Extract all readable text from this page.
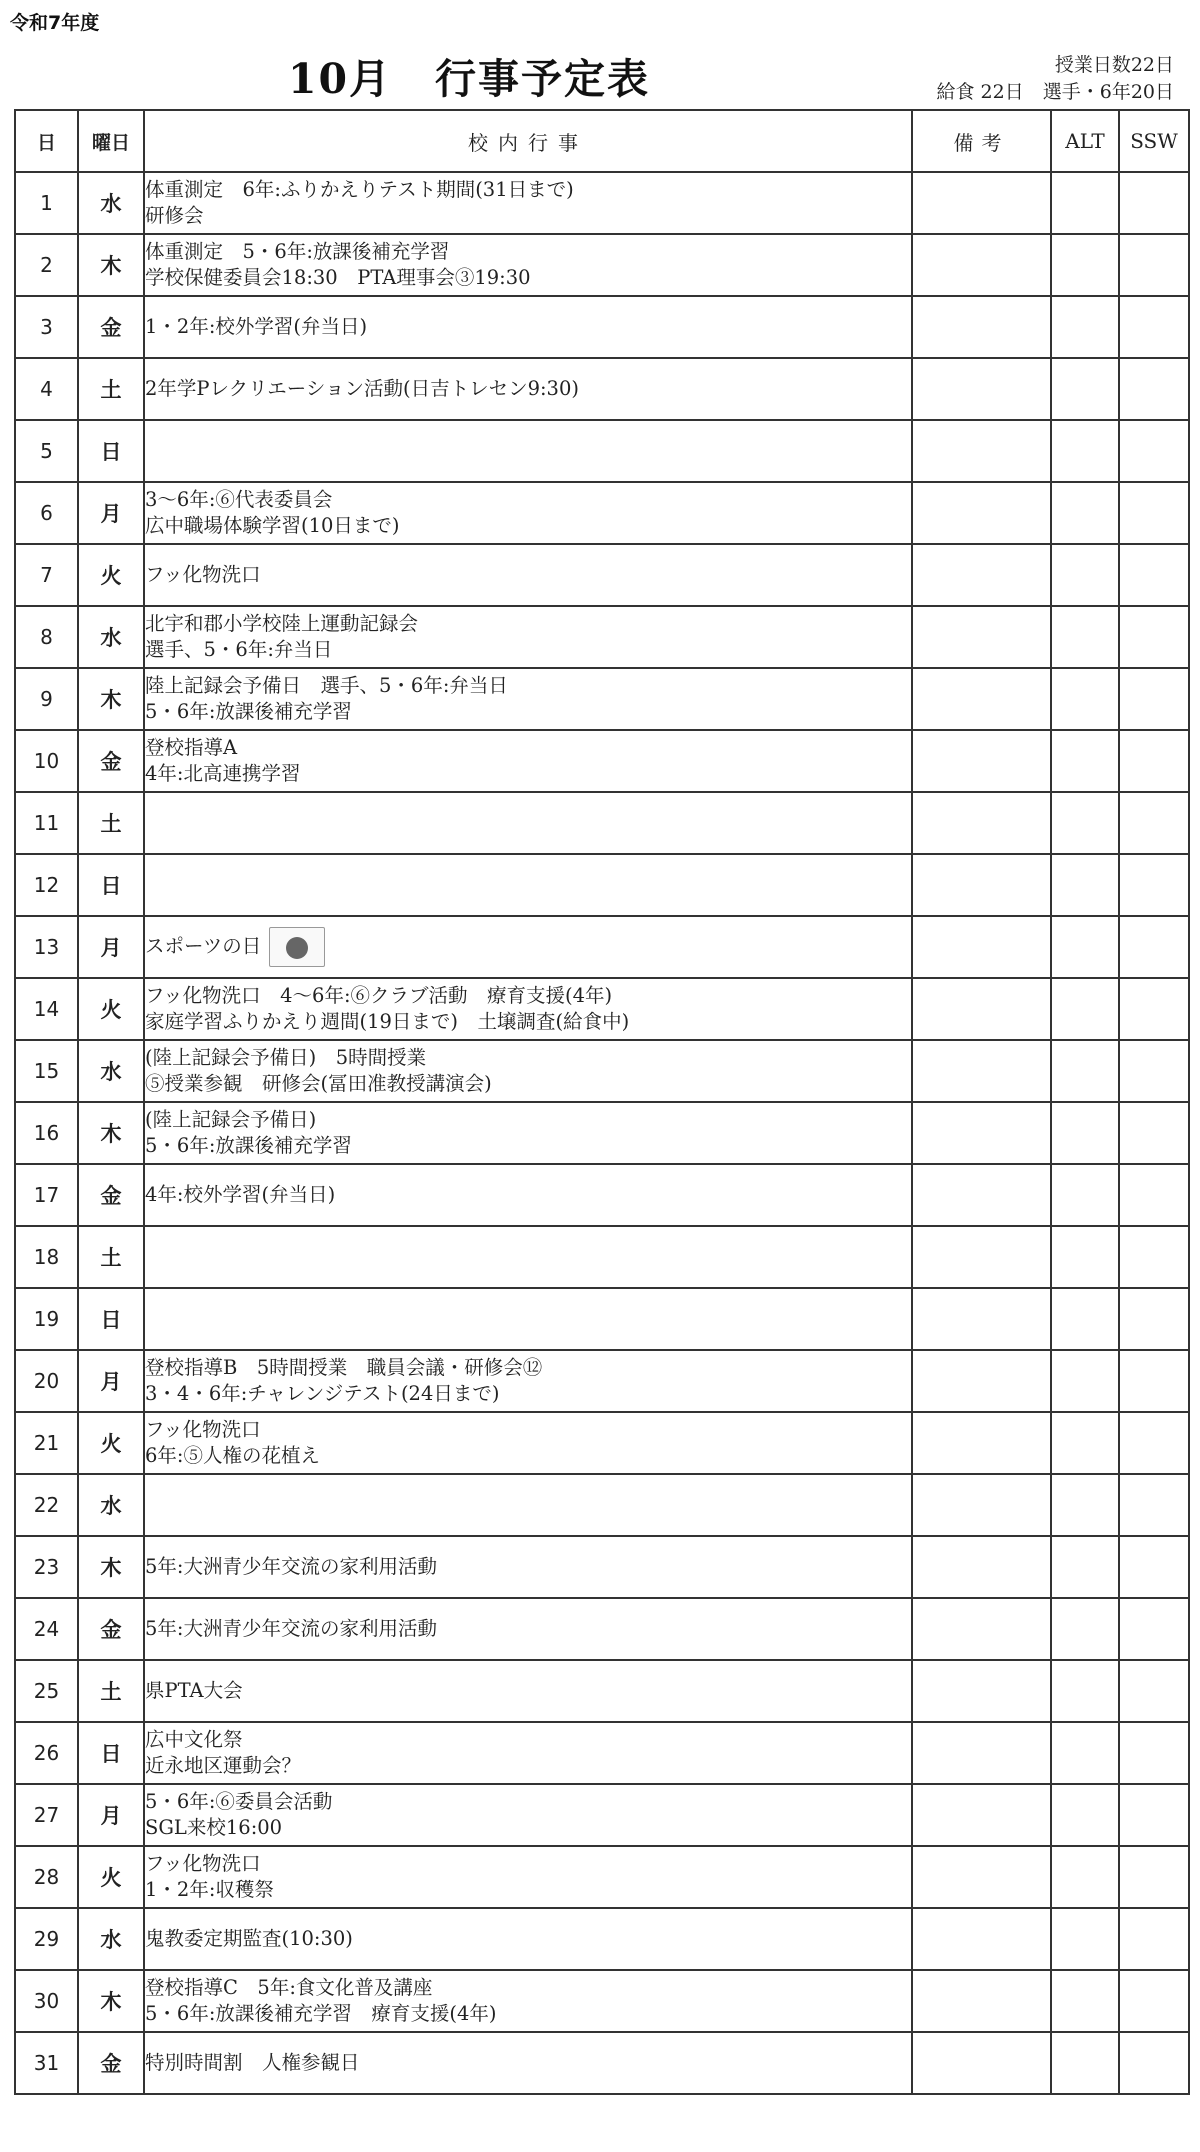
令和7年度
10月　行事予定表	授業日数22日
給食 22日　選手・6年20日
日	曜日	校内行事	備考	ALT	SSW
1	水	体重測定　6年:ふりかえりテスト期間(31日まで)
研修会			

2	木	体重測定　5・6年:放課後補充学習
学校保健委員会18:30　PTA理事会③19:30			

3	金	1・2年:校外学習(弁当日)			

4	土	2年学Pレクリエーション活動(日吉トレセン9:30)			

5	日				
6	月	3～6年:⑥代表委員会
広中職場体験学習(10日まで)			

7	火	フッ化物洗口			

8	水	北宇和郡小学校陸上運動記録会
選手、5・6年:弁当日			

9	木	陸上記録会予備日　選手、5・6年:弁当日
5・6年:放課後補充学習			

10	金	登校指導A
4年:北高連携学習			

11	土				
12	日				
13	月	スポーツの日			

14	火	フッ化物洗口　4～6年:⑥クラブ活動　療育支援(4年)
家庭学習ふりかえり週間(19日まで)　土壌調査(給食中)			

15	水	(陸上記録会予備日)　5時間授業
⑤授業参観　研修会(冨田准教授講演会)			

16	木	(陸上記録会予備日)
5・6年:放課後補充学習			

17	金	4年:校外学習(弁当日)			

18	土				
19	日				
20	月	登校指導B　5時間授業　職員会議・研修会⑫
3・4・6年:チャレンジテスト(24日まで)			

21	火	フッ化物洗口
6年:⑤人権の花植え			

22	水				
23	木	5年:大洲青少年交流の家利用活動			

24	金	5年:大洲青少年交流の家利用活動			

25	土	県PTA大会			

26	日	広中文化祭
近永地区運動会？			

27	月	5・6年:⑥委員会活動
SGL来校16:00			

28	火	フッ化物洗口
1・2年:収穫祭			

29	水	鬼教委定期監査(10:30)			

30	木	登校指導C　5年:食文化普及講座
5・6年:放課後補充学習　療育支援(4年)			

31	金	特別時間割　人権参観日			
